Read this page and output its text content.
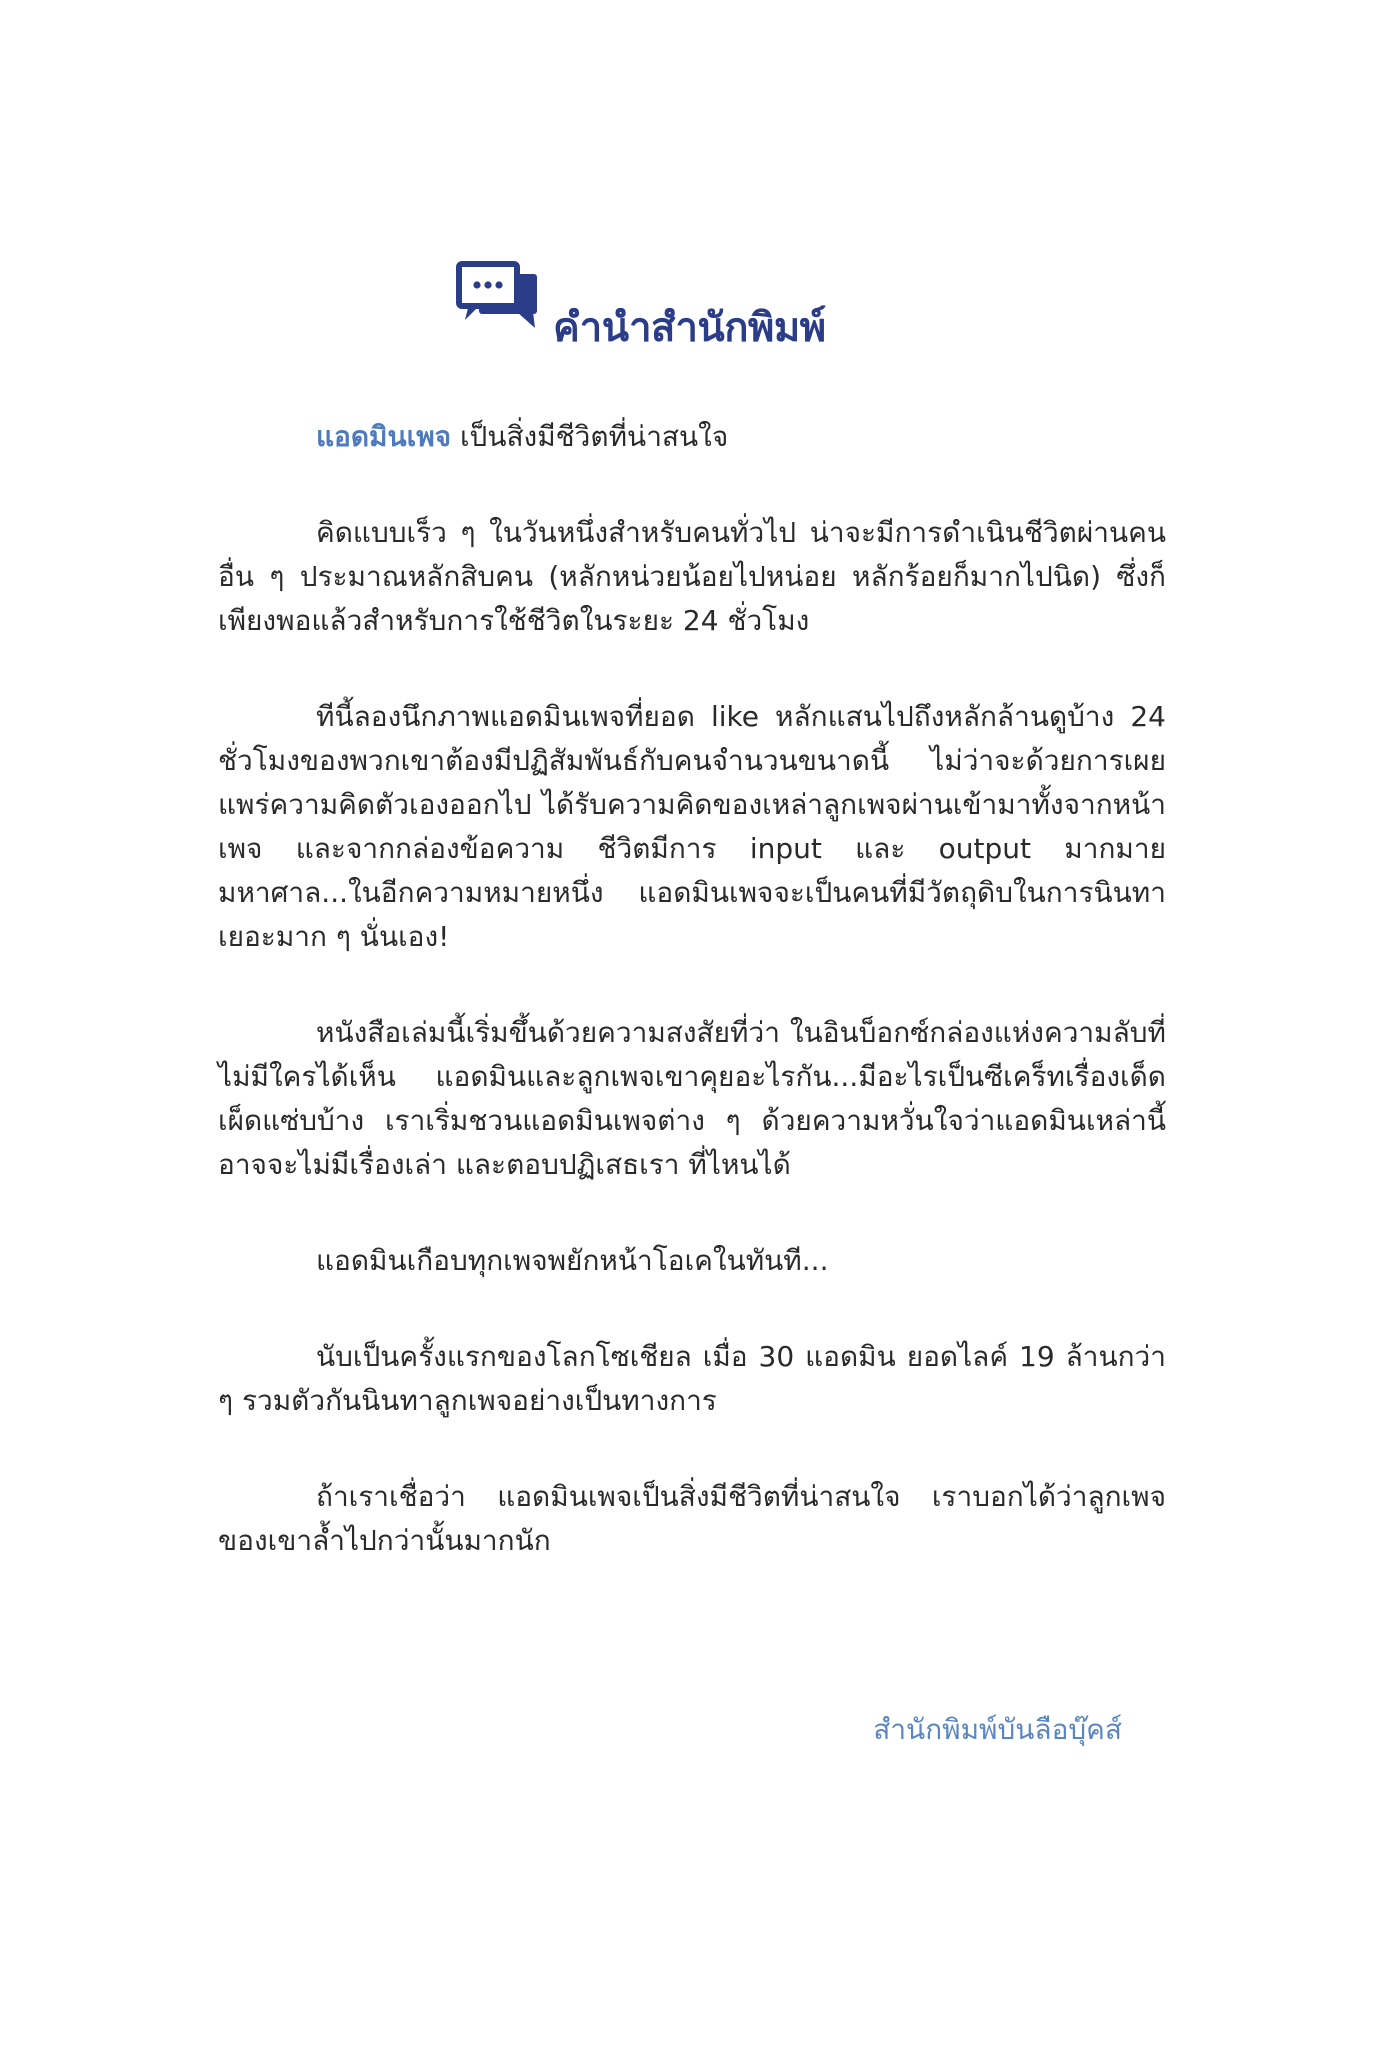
คำนำสำนักพิมพ์

แอดมินเพจ เป็นสิ่งมีชีวิตที่น่าสนใจ

คิดแบบเร็ว ๆ ในวันหนึ่งสำหรับคนทั่วไป น่าจะมีการดำเนินชีวิตผ่านคนอื่น ๆ ประมาณหลักสิบคน (หลักหน่วยน้อยไปหน่อย หลักร้อยก็มากไปนิด) ซึ่งก็เพียงพอแล้วสำหรับการใช้ชีวิตในระยะ 24 ชั่วโมง

ทีนี้ลองนึกภาพแอดมินเพจที่ยอด like หลักแสนไปถึงหลักล้านดูบ้าง 24 ชั่วโมงของพวกเขาต้องมีปฏิสัมพันธ์กับคนจำนวนขนาดนี้ ไม่ว่าจะด้วยการเผยแพร่ความคิดตัวเองออกไป ได้รับความคิดของเหล่าลูกเพจผ่านเข้ามาทั้งจากหน้าเพจ และจากกล่องข้อความ ชีวิตมีการ input และ output มากมายมหาศาล...ในอีกความหมายหนึ่ง แอดมินเพจจะเป็นคนที่มีวัตถุดิบในการนินทาเยอะมาก ๆ นั่นเอง!

หนังสือเล่มนี้เริ่มขึ้นด้วยความสงสัยที่ว่า ในอินบ็อกซ์กล่องแห่งความลับที่ไม่มีใครได้เห็น แอดมินและลูกเพจเขาคุยอะไรกัน...มีอะไรเป็นซีเคร็ทเรื่องเด็ดเผ็ดแซ่บบ้าง เราเริ่มชวนแอดมินเพจต่าง ๆ ด้วยความหวั่นใจว่าแอดมินเหล่านี้อาจจะไม่มีเรื่องเล่า และตอบปฏิเสธเรา ที่ไหนได้

แอดมินเกือบทุกเพจพยักหน้าโอเคในทันที...

นับเป็นครั้งแรกของโลกโซเชียล เมื่อ 30 แอดมิน ยอดไลค์ 19 ล้านกว่า ๆ รวมตัวกันนินทาลูกเพจอย่างเป็นทางการ

ถ้าเราเชื่อว่า แอดมินเพจเป็นสิ่งมีชีวิตที่น่าสนใจ เราบอกได้ว่าลูกเพจของเขาล้ำไปกว่านั้นมากนัก

สำนักพิมพ์บันลือบุ๊คส์
